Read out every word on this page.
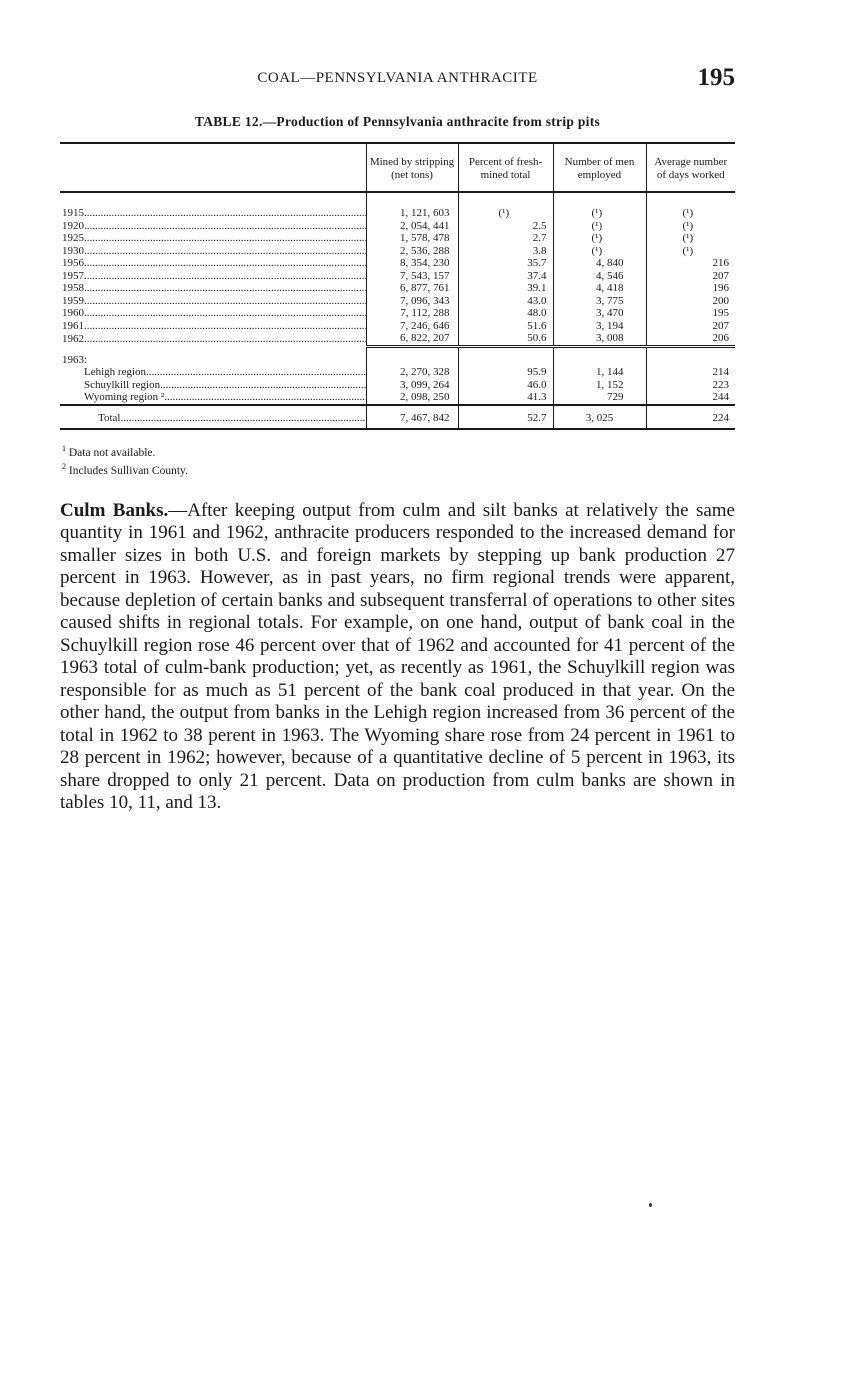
COAL—PENNSYLVANIA ANTHRACITE	195
TABLE 12.—Production of Pennsylvania anthracite from strip pits
	Mined by stripping (net tons)	Percent of fresh-mined total	Number of men employed	Average number of days worked
1915 .....	1, 121, 603	(¹)	(¹)	(¹)
1920 .....	2, 054, 441	2.5	(¹)	(¹)
1925 .....	1, 578, 478	2.7	(¹)	(¹)
1930 .....	2, 536, 288	3.8	(¹)	(¹)
1956 .....	8, 354, 230	35.7	4, 840	216
1957 .....	7, 543, 157	37.4	4, 546	207
1958 .....	6, 877, 761	39.1	4, 418	196
1959 .....	7, 096, 343	43.0	3, 775	200
1960 .....	7, 112, 288	48.0	3, 470	195
1961 .....	7, 246, 646	51.6	3, 194	207
1962 .....	6, 822, 207	50.6	3, 008	206

1963:				
Lehigh region .....	2, 270, 328	95.9	1, 144	214
Schuylkill region .....	3, 099, 264	46.0	1, 152	223
Wyoming region ² .....	2, 098, 250	41.3	729	244
Total .....	7, 467, 842	52.7	3, 025	224
$^1$ Data not available.
$^2$ Includes Sullivan County.

Culm Banks.—After keeping output from culm and silt banks at relatively the same quantity in 1961 and 1962, anthracite producers responded to the increased demand for smaller sizes in both U.S. and foreign markets by stepping up bank production 27 percent in 1963. However, as in past years, no firm regional trends were apparent, because depletion of certain banks and subsequent transferral of operations to other sites caused shifts in regional totals. For example, on one hand, output of bank coal in the Schuylkill region rose 46 percent over that of 1962 and accounted for 41 percent of the 1963 total of culm-bank production; yet, as recently as 1961, the Schuylkill region was responsible for as much as 51 percent of the bank coal produced in that year. On the other hand, the output from banks in the Lehigh region increased from 36 percent of the total in 1962 to 38 perent in 1963. The Wyoming share rose from 24 percent in 1961 to 28 percent in 1962; however, because of a quantitative decline of 5 percent in 1963, its share dropped to only 21 percent. Data on production from culm banks are shown in tables 10, 11, and 13.
